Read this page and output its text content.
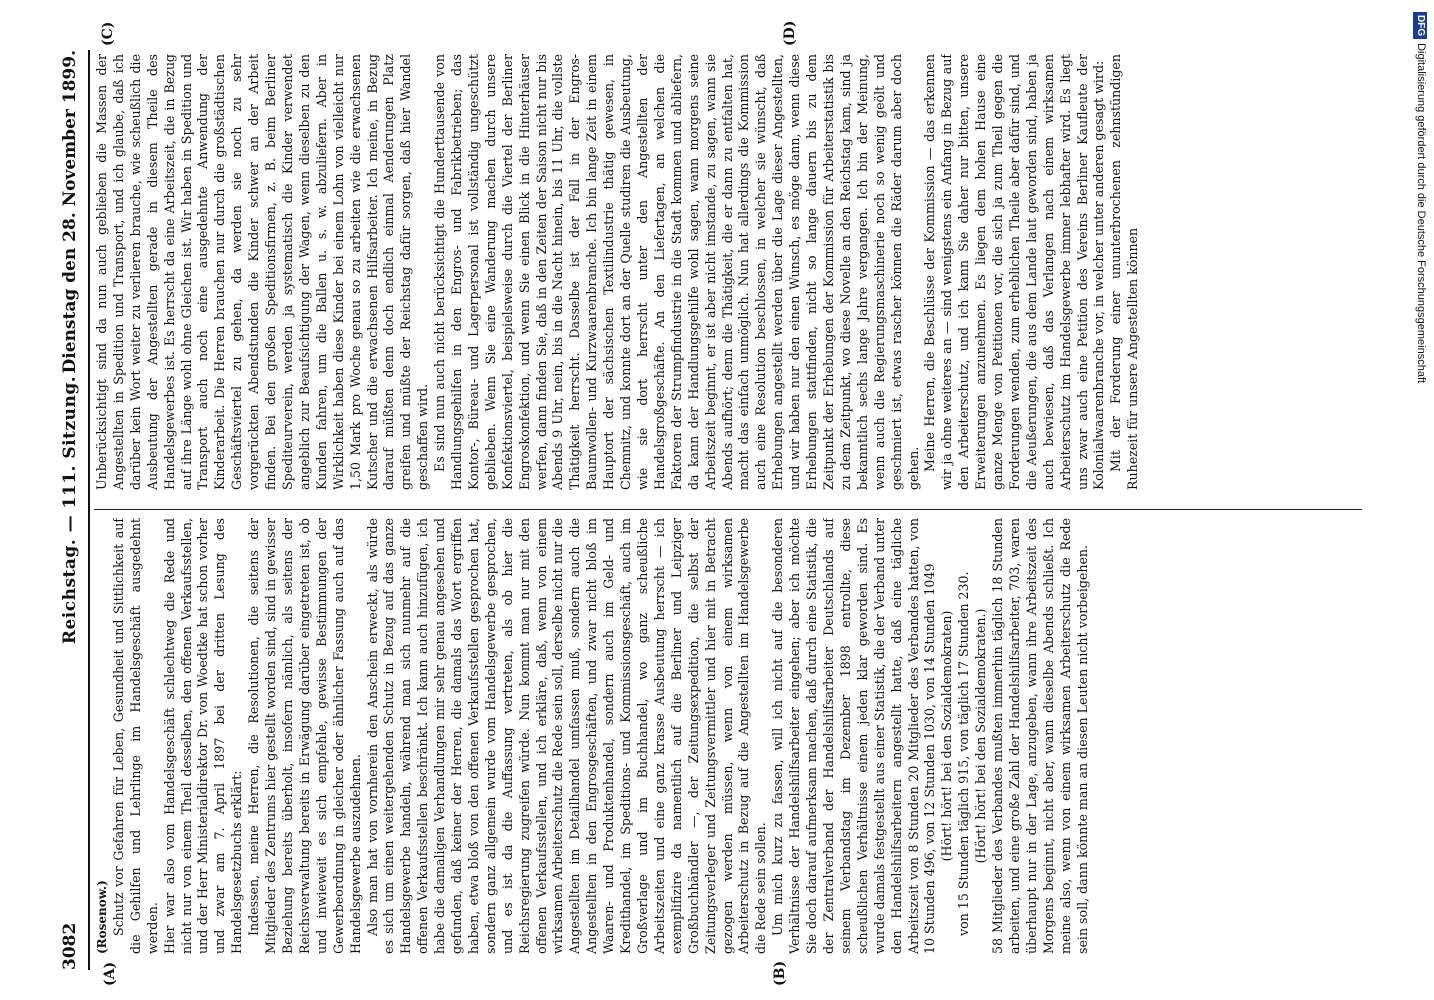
3082
Reichstag. — 111. Sitzung.
Dienstag den 28. November 1899.
(A)	(B)
(C)	(D)

(Rosenow.) Schutz vor Gefahren für Leben, Gesundheit und Sittlichkeit auf die Gehilfen und Lehrlinge im Handelsgeschäft ausgedehnt werden. Hier war also vom Handelsgeschäft schlechtweg die Rede und nicht nur von einem Theil desselben, den offenen Verkaufsstellen, und der Herr Ministerialdirektor Dr. von Woedtke hat schon vorher und zwar am 7. April 1897 bei der dritten Lesung des Handelsgesetzbuchs erklärt: Indessen, meine Herren, die Resolutionen, die seitens der Mitglieder des Zentrums hier gestellt worden sind, sind in gewisser Beziehung bereits überholt, insofern nämlich, als seitens der Reichsverwaltung bereits in Erwägung darüber eingetreten ist, ob und inwieweit es sich empfehle, gewisse Bestimmungen der Gewerbeordnung in gleicher oder ähnlicher Fassung auch auf das Handelsgewerbe auszudehnen. Also man hat von vornherein den Anschein erweckt, als würde es sich um einen weitergehenden Schutz in Bezug auf das ganze Handelsgewerbe handeln, während man sich nunmehr auf die offenen Verkaufsstellen beschränkt. Ich kann auch hinzufügen, ich habe die damaligen Verhandlungen mir sehr genau angesehen und gefunden, daß keiner der Herren, die damals das Wort ergriffen haben, etwa bloß von den offenen Verkaufsstellen gesprochen hat, sondern ganz allgemein wurde vom Handelsgewerbe gesprochen, und es ist da die Auffassung vertreten, als ob hier die Reichsregierung zugreifen würde. Nun kommt man nur mit den offenen Verkaufsstellen, und ich erkläre, daß, wenn von einem wirksamen Arbeiterschutz die Rede sein soll, derselbe nicht nur die Angestellten im Detailhandel umfassen muß, sondern auch die Angestellten in den Engrosgeschäften, und zwar nicht bloß im Waaren- und Produktenhandel, sondern auch im Geld- und Kredithandel, im Speditions- und Kommissionsgeschäft, auch im Großverlage und im Buchhandel, wo ganz scheußliche Arbeitszeiten und eine ganz krasse Ausbeutung herrscht — ich exemplifizire da namentlich auf die Berliner und Leipziger Großbuchhändler —, der Zeitungsexpedition, die selbst der Zeitungsverleger und Zeitungsvermittler und hier mit in Betracht gezogen werden müssen, wenn von einem wirksamen Arbeiterschutz in Bezug auf die Angestellten im Handelsgewerbe die Rede sein sollen. Um mich kurz zu fassen, will ich nicht auf die besonderen Verhältnisse der Handelshilfsarbeiter eingehen; aber ich möchte Sie doch darauf aufmerksam machen, daß durch eine Statistik, die der Zentralverband der Handelshilfsarbeiter Deutschlands auf seinem Verbandstag im Dezember 1898 entrollte, diese scheußlichen Verhältnisse einem jeden klar geworden sind. Es wurde damals festgestellt aus einer Statistik, die der Verband unter den Handelshilfsarbeitern angestellt hatte, daß eine tägliche Arbeitszeit von 8 Stunden 20 Mitglieder des Verbandes hatten, von 10 Stunden 496, von 12 Stunden 1030, von 14 Stunden 1049 (Hört! hört! bei den Sozialdemokraten) von 15 Stunden täglich 915, von täglich 17 Stunden 230. (Hört! hört! bei den Sozialdemokraten.) 58 Mitglieder des Verbandes mußten immerhin täglich 18 Stunden arbeiten, und eine große Zahl der Handelshilfsarbeiter, 703, waren überhaupt nur in der Lage, anzugeben, wann ihre Arbeitszeit des Morgens beginnt, nicht aber, wann dieselbe Abends schließt. Ich meine also, wenn von einem wirksamen Arbeiterschutz die Rede sein soll, dann könnte man an diesen Leuten nicht vorbeigehen.

Unberücksichtigt sind da nun auch geblieben die Massen der Angestellten in Spedition und Transport, und ich glaube, daß ich darüber kein Wort weiter zu verlieren brauche, wie scheußlich die Ausbeutung der Angestellten gerade in diesem Theile des Handelsgewerbes ist. Es herrscht da eine Arbeitszeit, die in Bezug auf ihre Länge wohl ohne Gleichen ist. Wir haben in Spedition und Transport auch noch eine ausgedehnte Anwendung der Kinderarbeit. Die Herren brauchen nur durch die großstädtischen Geschäftsviertel zu gehen, da werden sie noch zu sehr vorgerückten Abendstunden die Kinder schwer an der Arbeit finden. Bei den großen Speditionsfirmen, z. B. beim Berliner Spediteurverein, werden ja systematisch die Kinder verwendet angeblich zur Beaufsichtigung der Wagen, wenn dieselben zu den Kunden fahren, um die Ballen u. s. w. abzuliefern. Aber in Wirklichkeit haben diese Kinder bei einem Lohn von vielleicht nur 1,50 Mark pro Woche genau so zu arbeiten wie die erwachsenen Kutscher und die erwachsenen Hilfsarbeiter. Ich meine, in Bezug darauf müßten denn doch endlich einmal Aenderungen Platz greifen und müßte der Reichstag dafür sorgen, daß hier Wandel geschaffen wird. Es sind nun auch nicht berücksichtigt die Hunderttausende von Handlungsgehilfen in den Engros- und Fabrikbetrieben; das Kontor-, Büreau- und Lagerpersonal ist vollständig ungeschützt geblieben. Wenn Sie eine Wanderung machen durch unsere Konfektionsviertel, beispielsweise durch die Viertel der Berliner Engroskonfektion, und wenn Sie einen Blick in die Hinterhäuser werfen, dann finden Sie, daß in den Zeiten der Saison nicht nur bis Abends 9 Uhr, nein, bis in die Nacht hinein, bis 11 Uhr, die vollste Thätigkeit herrscht. Dasselbe ist der Fall in der Engros-Baumwollen- und Kurzwaarenbranche. Ich bin lange Zeit in einem Hauptort der sächsischen Textilindustrie thätig gewesen, in Chemnitz, und konnte dort an der Quelle studiren die Ausbeutung, wie sie dort herrscht unter den Angestellten der Handelsgroßgeschäfte. An den Liefertagen, an welchen die Faktoren der Strumpfindustrie in die Stadt kommen und abliefern, da kann der Handlungsgehilfe wohl sagen, wann morgens seine Arbeitszeit beginnt, er ist aber nicht imstande, zu sagen, wann sie Abends aufhört; denn die Thätigkeit, die er dann zu entfalten hat, macht das einfach unmöglich. Nun hat allerdings die Kommission auch eine Resolution beschlossen, in welcher sie wünscht, daß Erhebungen angestellt werden über die Lage dieser Angestellten, und wir haben nur den einen Wunsch, es möge dann, wenn diese Erhebungen stattfinden, nicht so lange dauern bis zu dem Zeitpunkt der Erhebungen der Kommission für Arbeiterstatistik bis zu dem Zeitpunkt, wo diese Novelle an den Reichstag kam, sind ja bekanntlich sechs lange Jahre vergangen. Ich bin der Meinung, wenn auch die Regierungsmaschinerie noch so wenig geölt und geschmiert ist, etwas rascher können die Räder darum aber doch gehen. Meine Herren, die Beschlüsse der Kommission — das erkennen wir ja ohne weiteres an — sind wenigstens ein Anfang in Bezug auf den Arbeiterschutz, und ich kann Sie daher nur bitten, unsere Erweiterungen anzunehmen. Es liegen dem hohen Hause eine ganze Menge von Petitionen vor, die sich ja zum Theil gegen die Forderungen wenden, zum erheblichen Theile aber dafür sind, und die Aeußerungen, die aus dem Lande laut geworden sind, haben ja auch bewiesen, daß das Verlangen nach einem wirksamen Arbeiterschutz im Handelsgewerbe immer lebhafter wird. Es liegt uns zwar auch eine Petition des Vereins Berliner Kaufleute der Kolonialwaarenbranche vor, in welcher unter anderen gesagt wird: Mit der Forderung einer ununterbrochenen zehnstündigen Ruhezeit für unsere Angestellten können

DFGDigitalisierung gefördert durch die Deutsche Forschungsgemeinschaft
